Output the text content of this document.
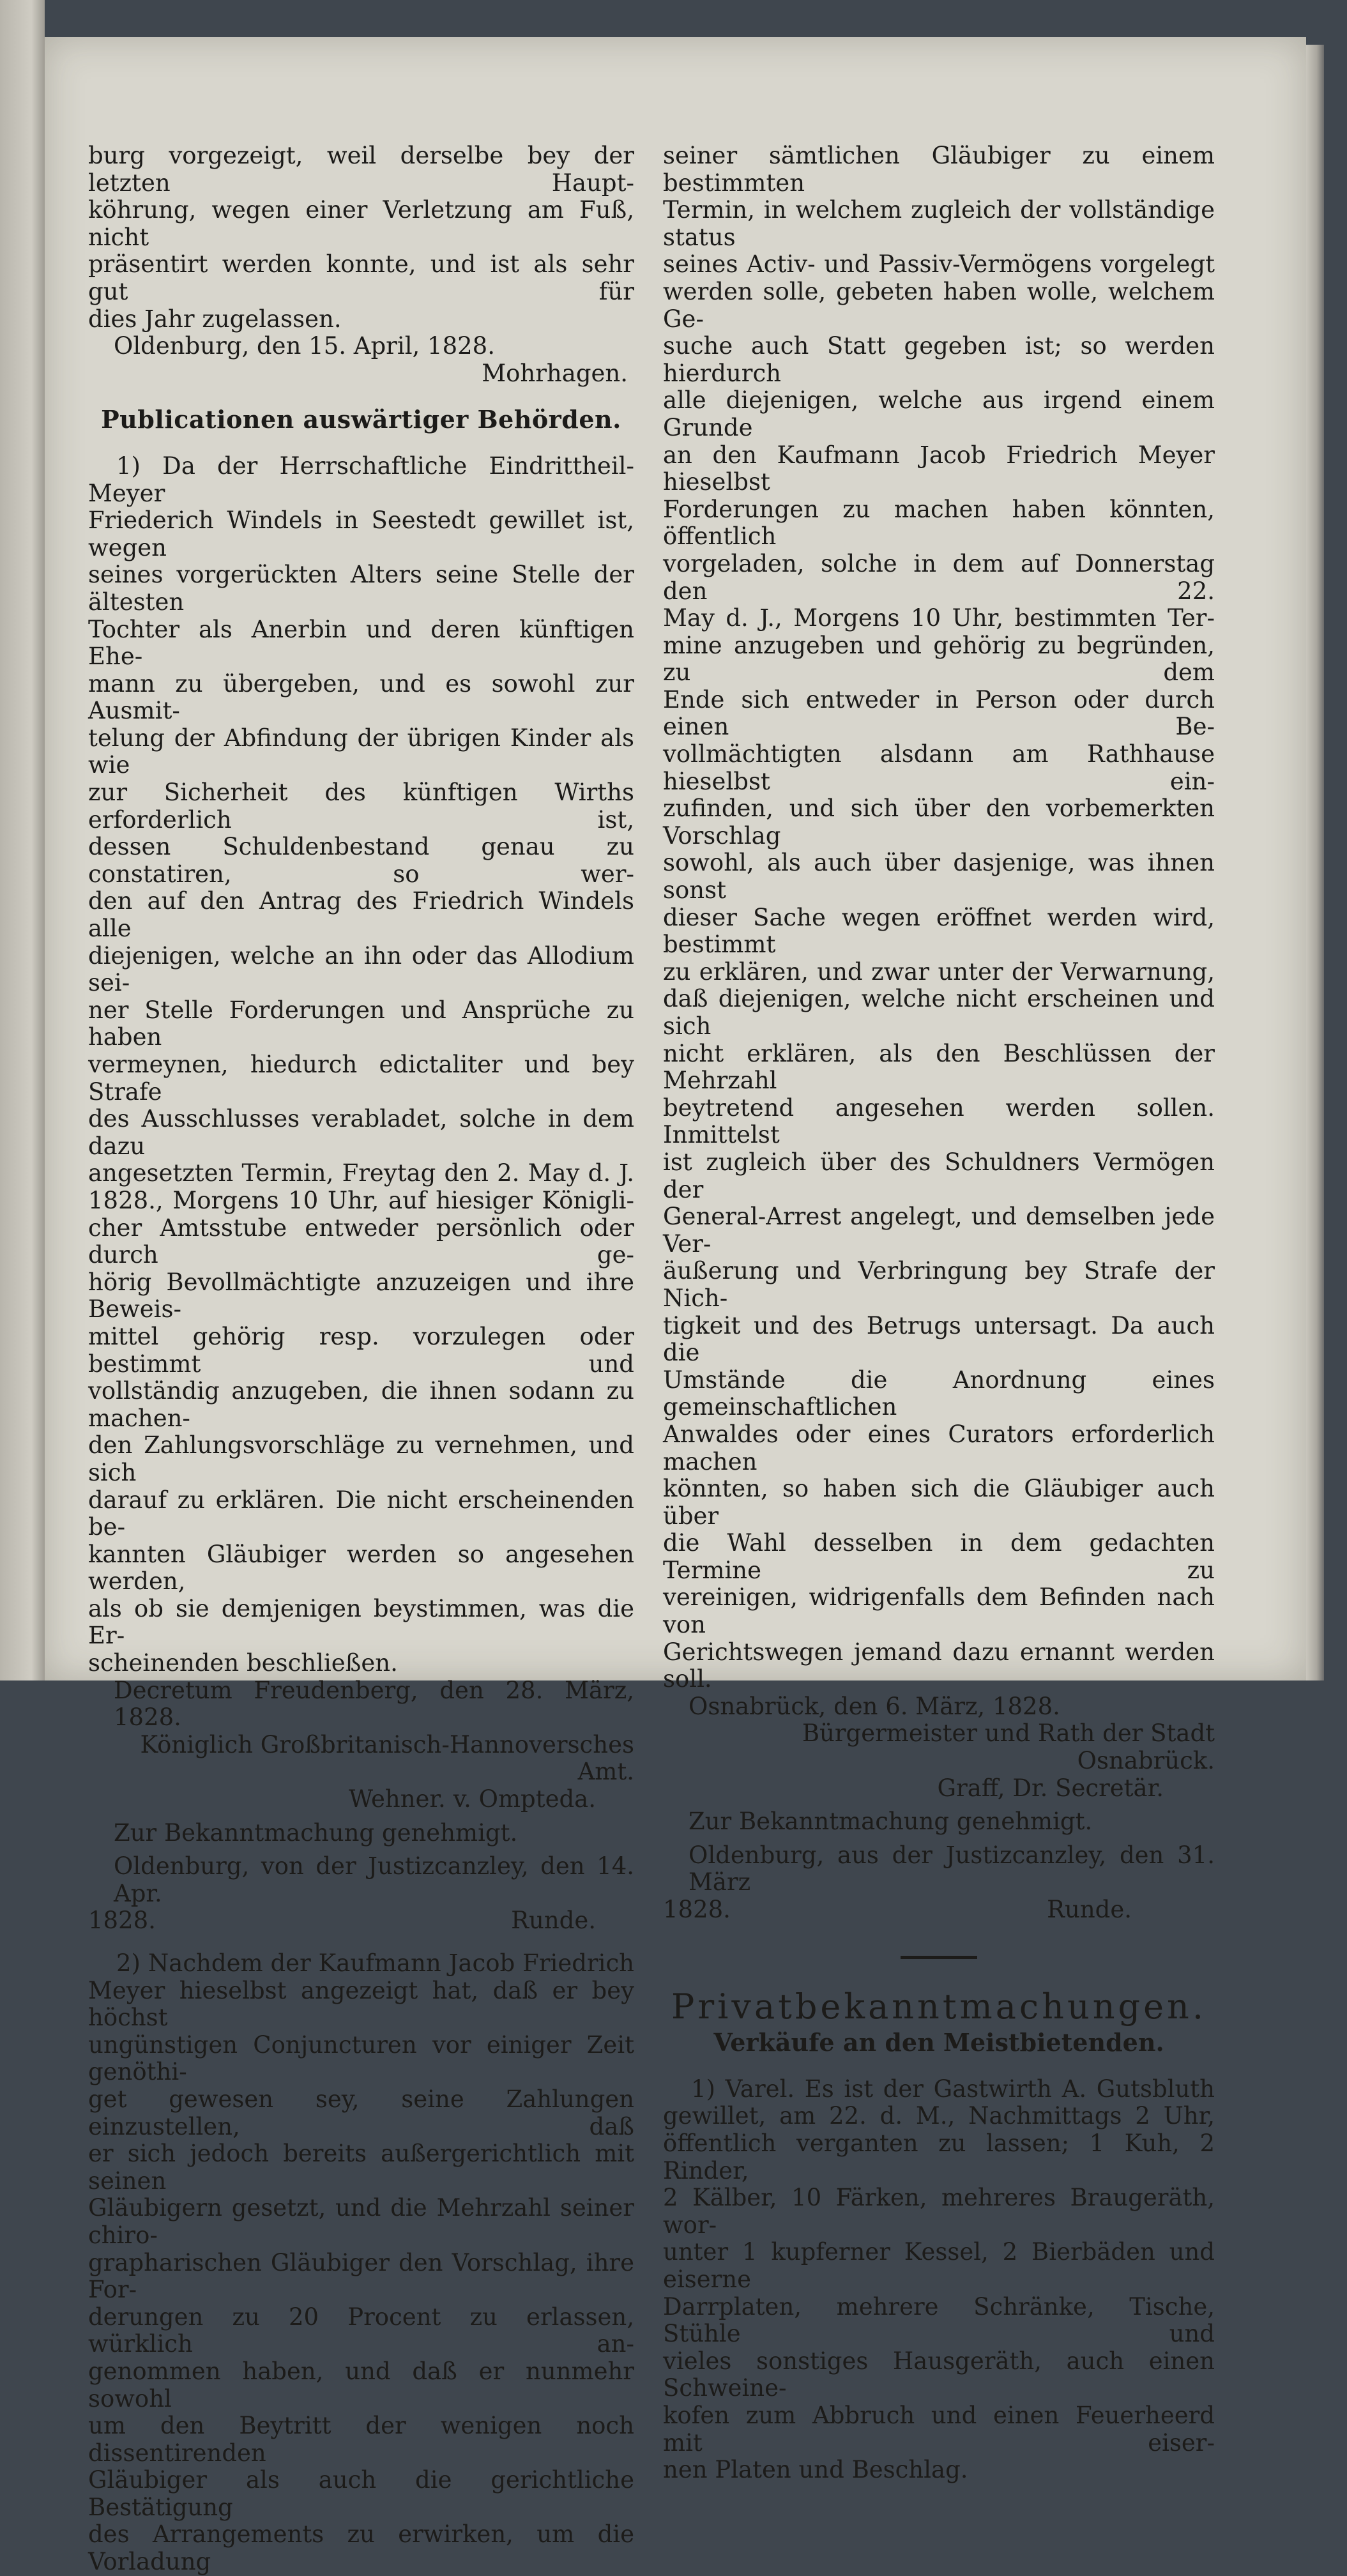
burg vorgezeigt, weil derselbe bey der letzten Haupt-

köhrung, wegen einer Verletzung am Fuß, nicht

präsentirt werden konnte, und ist als sehr gut für

dies Jahr zugelassen.

Oldenburg, den 15. April, 1828.

Mohrhagen.

Publicationen auswärtiger Behörden.

1) Da der Herrschaftliche Eindrittheil-Meyer

Friederich Windels in Seestedt gewillet ist, wegen

seines vorgerückten Alters seine Stelle der ältesten

Tochter als Anerbin und deren künftigen Ehe-

mann zu übergeben, und es sowohl zur Ausmit-

telung der Abfindung der übrigen Kinder als wie

zur Sicherheit des künftigen Wirths erforderlich ist,

dessen Schuldenbestand genau zu constatiren, so wer-

den auf den Antrag des Friedrich Windels alle

diejenigen, welche an ihn oder das Allodium sei-

ner Stelle Forderungen und Ansprüche zu haben

vermeynen, hiedurch edictaliter und bey Strafe

des Ausschlusses verabladet, solche in dem dazu

angesetzten Termin, Freytag den 2. May d. J.

1828., Morgens 10 Uhr, auf hiesiger Königli-

cher Amtsstube entweder persönlich oder durch ge-

hörig Bevollmächtigte anzuzeigen und ihre Beweis-

mittel gehörig resp. vorzulegen oder bestimmt und

vollständig anzugeben, die ihnen sodann zu machen-

den Zahlungsvorschläge zu vernehmen, und sich

darauf zu erklären. Die nicht erscheinenden be-

kannten Gläubiger werden so angesehen werden,

als ob sie demjenigen beystimmen, was die Er-

scheinenden beschließen.

Decretum Freudenberg, den 28. März, 1828.

Königlich Großbritanisch-Hannoversches Amt.

Wehner. v. Ompteda.

Zur Bekanntmachung genehmigt.

Oldenburg, von der Justizcanzley, den 14. Apr.

1828.	Runde.

2) Nachdem der Kaufmann Jacob Friedrich

Meyer hieselbst angezeigt hat, daß er bey höchst

ungünstigen Conjuncturen vor einiger Zeit genöthi-

get gewesen sey, seine Zahlungen einzustellen, daß

er sich jedoch bereits außergerichtlich mit seinen

Gläubigern gesetzt, und die Mehrzahl seiner chiro-

grapharischen Gläubiger den Vorschlag, ihre For-

derungen zu 20 Procent zu erlassen, würklich an-

genommen haben, und daß er nunmehr sowohl

um den Beytritt der wenigen noch dissentirenden

Gläubiger als auch die gerichtliche Bestätigung

des Arrangements zu erwirken, um die Vorladung

seiner sämtlichen Gläubiger zu einem bestimmten

Termin, in welchem zugleich der vollständige status

seines Activ- und Passiv-Vermögens vorgelegt

werden solle, gebeten haben wolle, welchem Ge-

suche auch Statt gegeben ist; so werden hierdurch

alle diejenigen, welche aus irgend einem Grunde

an den Kaufmann Jacob Friedrich Meyer hieselbst

Forderungen zu machen haben könnten, öffentlich

vorgeladen, solche in dem auf Donnerstag den 22.

May d. J., Morgens 10 Uhr, bestimmten Ter-

mine anzugeben und gehörig zu begründen, zu dem

Ende sich entweder in Person oder durch einen Be-

vollmächtigten alsdann am Rathhause hieselbst ein-

zufinden, und sich über den vorbemerkten Vorschlag

sowohl, als auch über dasjenige, was ihnen sonst

dieser Sache wegen eröffnet werden wird, bestimmt

zu erklären, und zwar unter der Verwarnung,

daß diejenigen, welche nicht erscheinen und sich

nicht erklären, als den Beschlüssen der Mehrzahl

beytretend angesehen werden sollen. Inmittelst

ist zugleich über des Schuldners Vermögen der

General-Arrest angelegt, und demselben jede Ver-

äußerung und Verbringung bey Strafe der Nich-

tigkeit und des Betrugs untersagt. Da auch die

Umstände die Anordnung eines gemeinschaftlichen

Anwaldes oder eines Curators erforderlich machen

könnten, so haben sich die Gläubiger auch über

die Wahl desselben in dem gedachten Termine zu

vereinigen, widrigenfalls dem Befinden nach von

Gerichtswegen jemand dazu ernannt werden soll.

Osnabrück, den 6. März, 1828.

Bürgermeister und Rath der Stadt Osnabrück.

Graff, Dr. Secretär.

Zur Bekanntmachung genehmigt.

Oldenburg, aus der Justizcanzley, den 31. März

1828.	Runde.

Privatbekanntmachungen.

Verkäufe an den Meistbietenden.

1) Varel. Es ist der Gastwirth A. Gutsbluth

gewillet, am 22. d. M., Nachmittags 2 Uhr,

öffentlich verganten zu lassen; 1 Kuh, 2 Rinder,

2 Kälber, 10 Färken, mehreres Braugeräth, wor-

unter 1 kupferner Kessel, 2 Bierbäden und eiserne

Darrplaten, mehrere Schränke, Tische, Stühle und

vieles sonstiges Hausgeräth, auch einen Schweine-

kofen zum Abbruch und einen Feuerheerd mit eiser-

nen Platen und Beschlag.
